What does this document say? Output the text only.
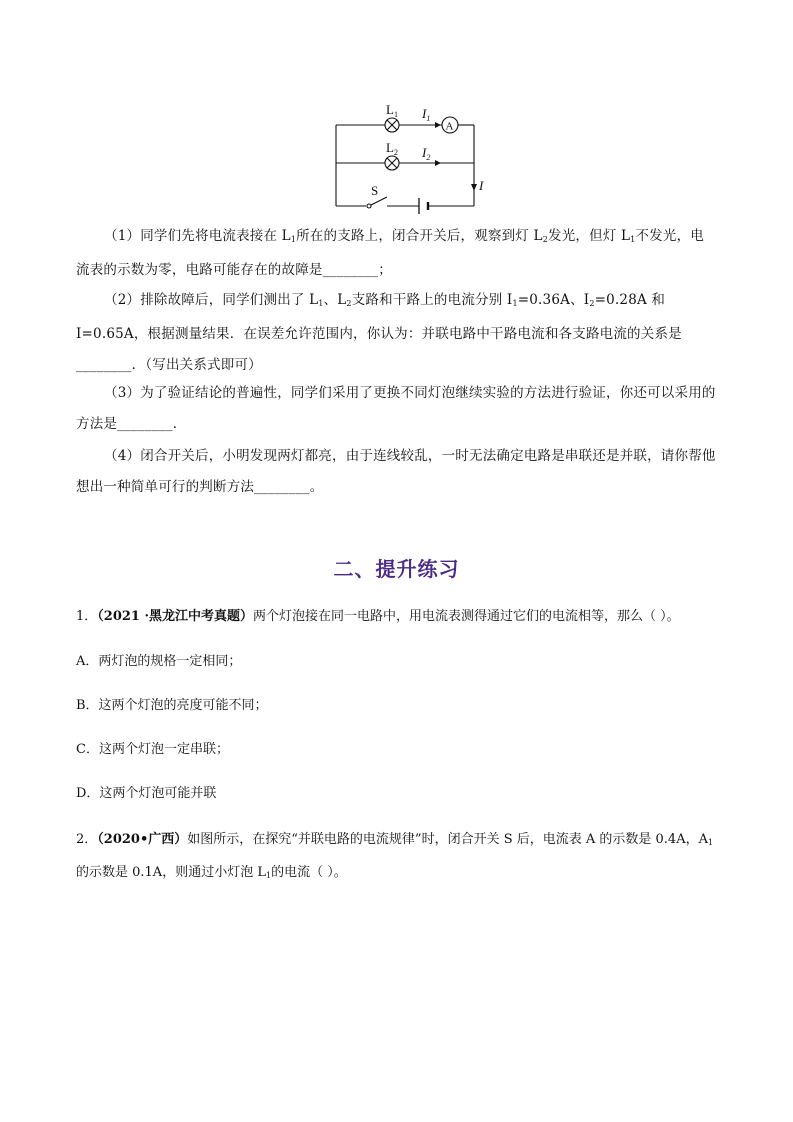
$L_1$
$L_2$
$I_1$
$I_2$
I
A
S

（1）同学们先将电流表接在 $L_1$所在的支路上，闭合开关后，观察到灯 $L_2$发光，但灯 $L_1$不发光，电流表的示数为零，电路可能存在的故障是________；

（2）排除故障后，同学们测出了 $L_1$、$L_2$支路和干路上的电流分别 $I_1=0.36A$、$I_2=0.28A$ 和 I=0.65A，根据测量结果．在误差允许范围内，你认为：并联电路中干路电流和各支路电流的关系是________．（写出关系式即可）

（3）为了验证结论的普遍性，同学们采用了更换不同灯泡继续实验的方法进行验证，你还可以采用的方法是________．

（4）闭合开关后，小明发现两灯都亮，由于连线较乱，一时无法确定电路是串联还是并联，请你帮他想出一种简单可行的判断方法________。

二、提升练习

1．（2021 ·黑龙江中考真题）两个灯泡接在同一电路中，用电流表测得通过它们的电流相等，那么（ ）。

A．两灯泡的规格一定相同；

B．这两个灯泡的亮度可能不同；

C．这两个灯泡一定串联；

D．这两个灯泡可能并联

2．（2020•广西）如图所示，在探究“并联电路的电流规律”时，闭合开关 S 后，电流表 A 的示数是 0.4A，$A_1$的示数是 0.1A，则通过小灯泡 $L_1$的电流（ ）。
